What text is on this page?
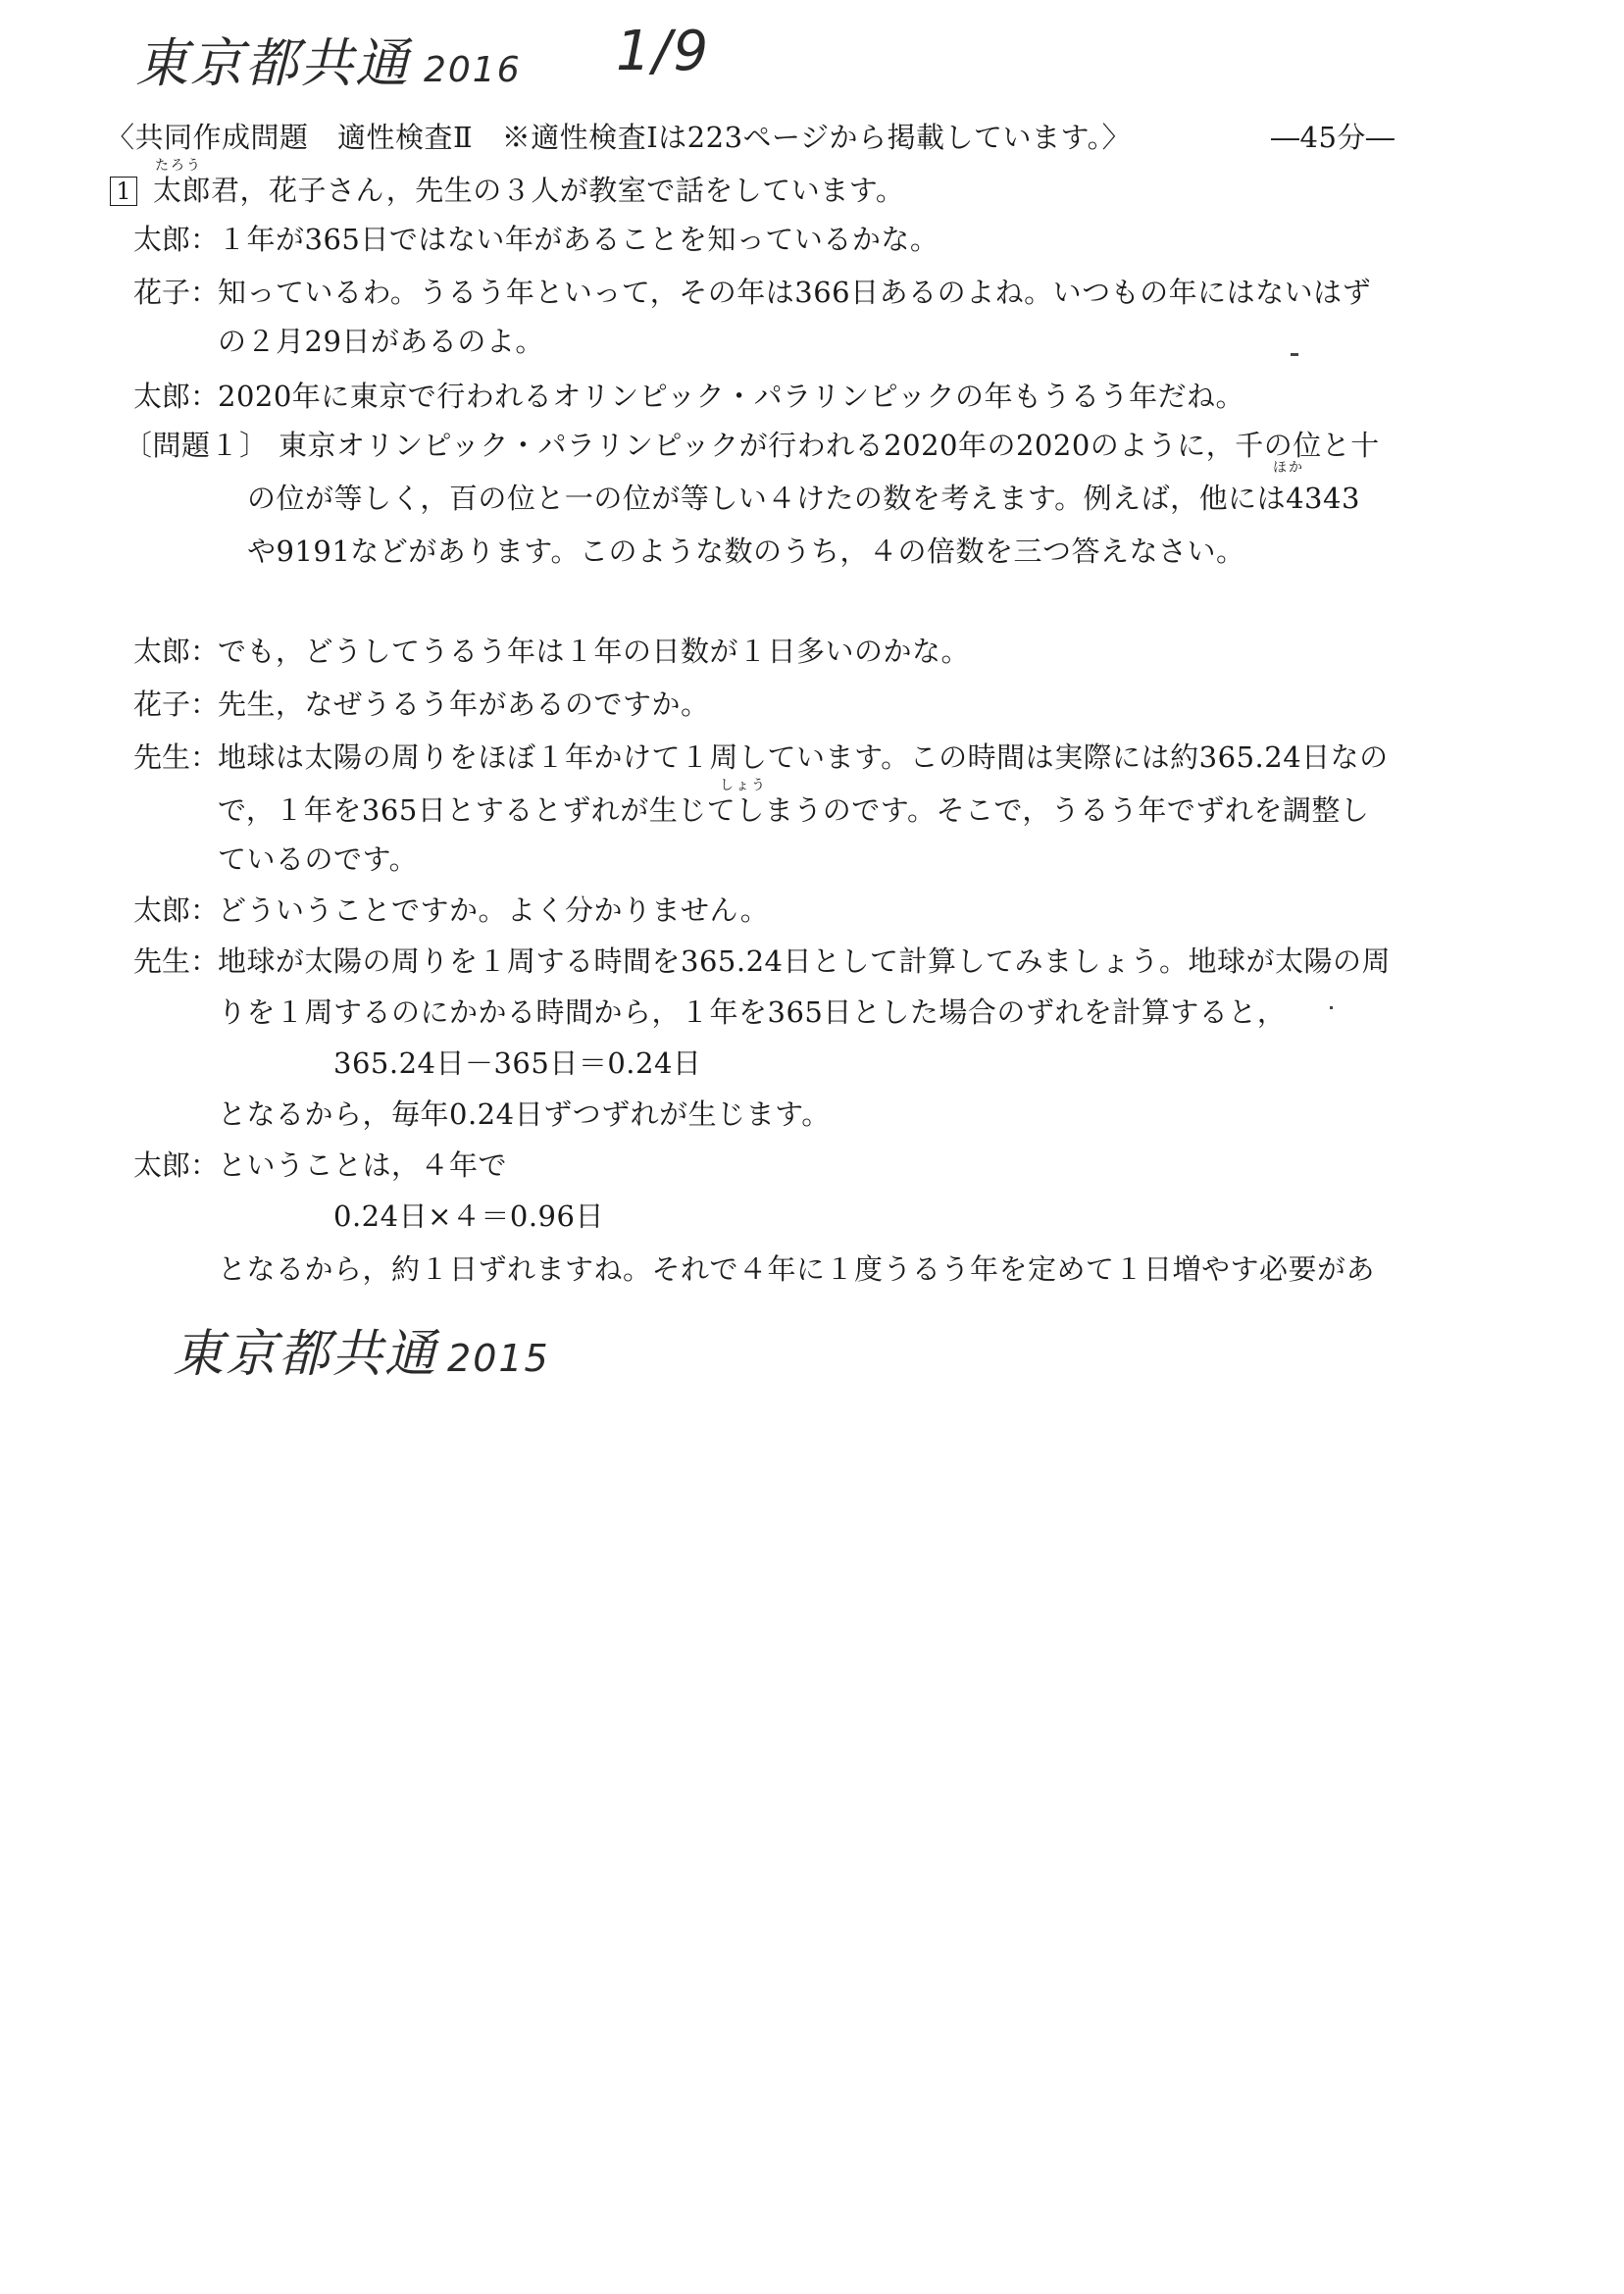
東京都共通 2016 1/9
〈共同作成問題　適性検査Ⅱ　※適性検査Ⅰは223ページから掲載しています。〉	―45分―
1
たろう
太郎君，花子さん，先生の３人が教室で話をしています。
太郎：
１年が365日ではない年があることを知っているかな。
花子：
知っているわ。うるう年といって，その年は366日あるのよね。いつもの年にはないはず
の２月29日があるのよ。
太郎：
2020年に東京で行われるオリンピック・パラリンピックの年もうるう年だね。
〔問題１〕 東京オリンピック・パラリンピックが行われる2020年の2020のように，千の位と十
ほか
の位が等しく，百の位と一の位が等しい４けたの数を考えます。例えば，他には4343
や9191などがあります。このような数のうち，４の倍数を三つ答えなさい。
太郎：
でも，どうしてうるう年は１年の日数が１日多いのかな。
花子：
先生，なぜうるう年があるのですか。
先生：
地球は太陽の周りをほぼ１年かけて１周しています。この時間は実際には約365.24日なの
しょう
で，１年を365日とするとずれが生じてしまうのです。そこで，うるう年でずれを調整し
ているのです。
太郎：
どういうことですか。よく分かりません。
先生：
地球が太陽の周りを１周する時間を365.24日として計算してみましょう。地球が太陽の周
りを１周するのにかかる時間から，１年を365日とした場合のずれを計算すると，
365.24日－365日＝0.24日
となるから，毎年0.24日ずつずれが生じます。
太郎：
ということは，４年で
0.24日×４＝0.96日
となるから，約１日ずれますね。それで４年に１度うるう年を定めて１日増やす必要があ
東京都共通 2015
